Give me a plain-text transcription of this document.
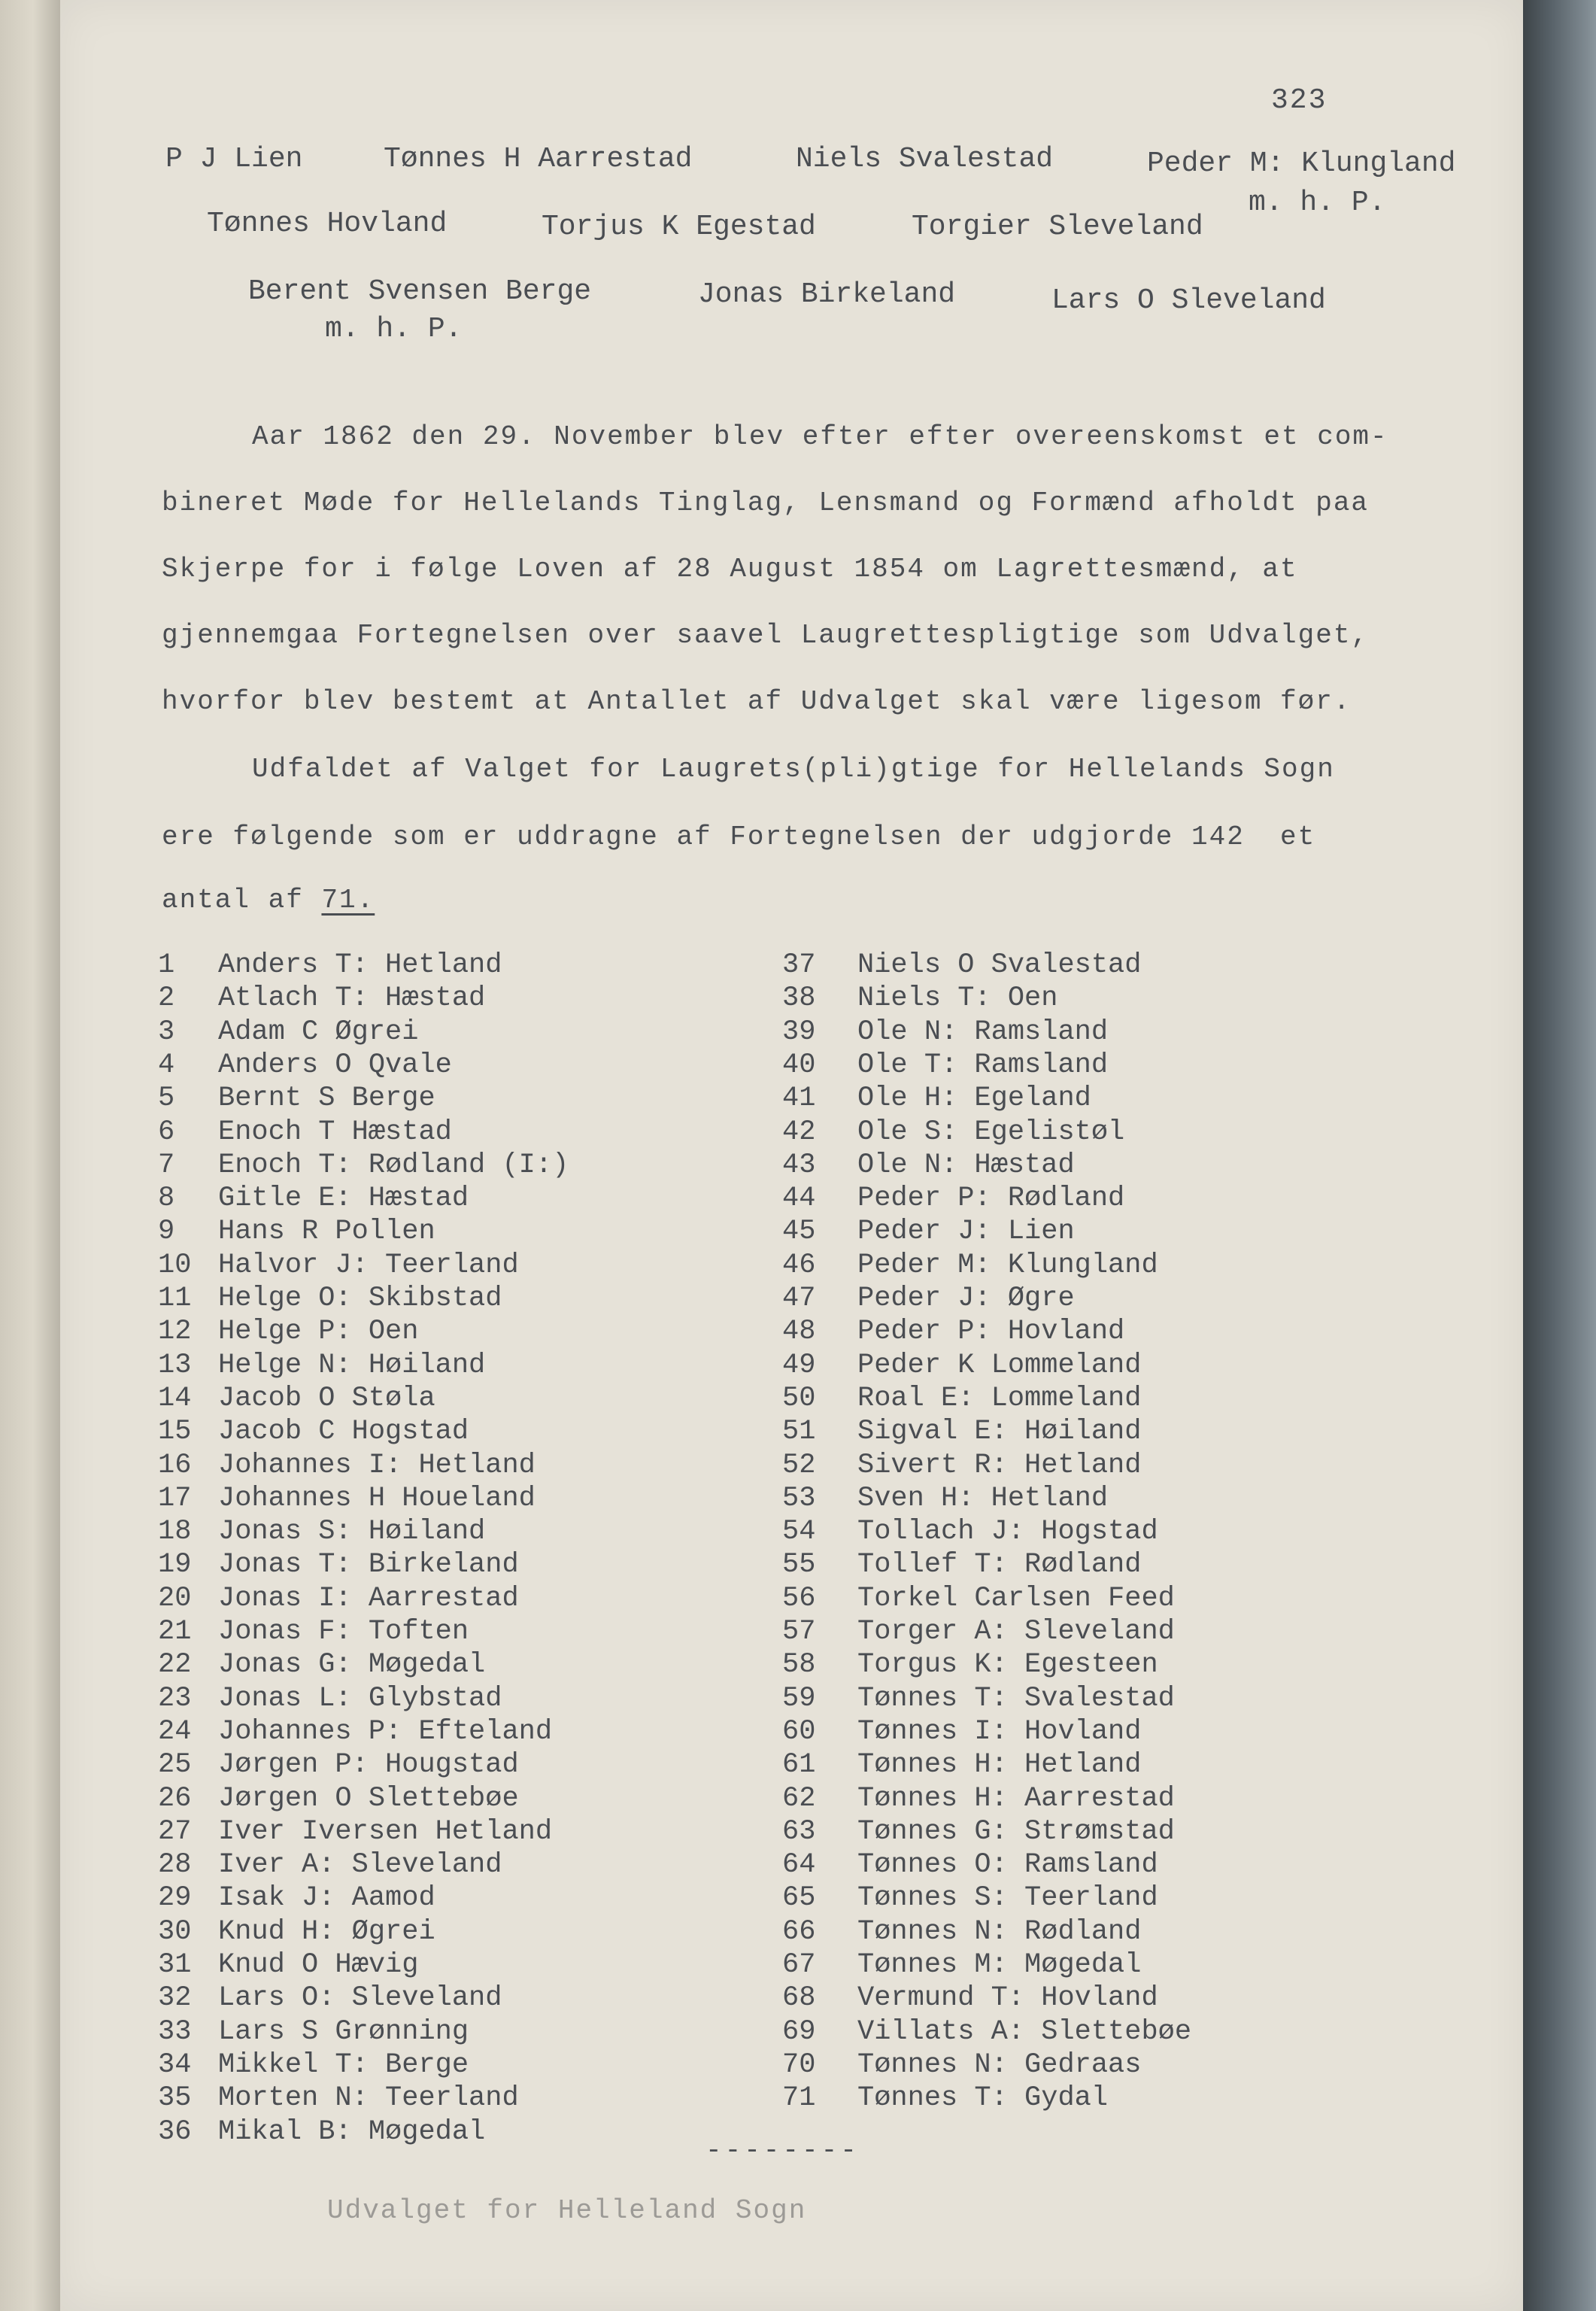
323

P J Lien

	Tønnes H Aarrestad

	Niels Svalestad

	Peder M: Klungland

m. h. P.

Tønnes Hovland

	Torjus K Egestad

	Torgier Sleveland

Berent Svensen Berge

	Jonas Birkeland

	Lars O Sleveland

m. h. P.

Aar 1862 den 29. November blev efter efter overeenskomst et com-

bineret Møde for Hellelands Tinglag, Lensmand og Formænd afholdt paa

Skjerpe for i følge Loven af 28 August 1854 om Lagrettesmænd, at

gjennemgaa Fortegnelsen over saavel Laugrettespligtige som Udvalget,

hvorfor blev bestemt at Antallet af Udvalget skal være ligesom før.

Udfaldet af Valget for Laugrets(pli)gtige for Hellelands Sogn

ere følgende som er uddragne af Fortegnelsen der udgjorde 142  et

antal af 71.

1	Anders T: Hetland
2	Atlach T: Hæstad
3	Adam C Øgrei
4	Anders O Qvale
5	Bernt S Berge
6	Enoch T Hæstad
7	Enoch T: Rødland (I:)
8	Gitle E: Hæstad
9	Hans R Pollen
10 Halvor J: Teerland
11 Helge O: Skibstad
12 Helge P: Oen
13 Helge N: Høiland
14 Jacob O Støla
15 Jacob C Hogstad
16 Johannes I: Hetland
17 Johannes H Houeland
18 Jonas S: Høiland
19 Jonas T: Birkeland
20 Jonas I: Aarrestad
21 Jonas F: Toften
22 Jonas G: Møgedal
23 Jonas L: Glybstad
24 Johannes P: Efteland
25 Jørgen P: Hougstad
26 Jørgen O Slettebøe
27 Iver Iversen Hetland
28 Iver A: Sleveland
29 Isak J: Aamod
30 Knud H: Øgrei
31 Knud O Hævig
32 Lars O: Sleveland
33 Lars S Grønning
34 Mikkel T: Berge
35 Morten N: Teerland
36 Mikal B: Møgedal
37	Niels O Svalestad
38	Niels T: Oen
39	Ole N: Ramsland
40	Ole T: Ramsland
41	Ole H: Egeland
42	Ole S: Egelistøl
43	Ole N: Hæstad
44	Peder P: Rødland
45	Peder J: Lien
46	Peder M: Klungland
47	Peder J: Øgre
48	Peder P: Hovland
49	Peder K Lommeland
50	Roal E: Lommeland
51	Sigval E: Høiland
52	Sivert R: Hetland
53	Sven H: Hetland
54	Tollach J: Hogstad
55	Tollef T: Rødland
56	Torkel Carlsen Feed
57	Torger A: Sleveland
58	Torgus K: Egesteen
59	Tønnes T: Svalestad
60	Tønnes I: Hovland
61	Tønnes H: Hetland
62	Tønnes H: Aarrestad
63	Tønnes G: Strømstad
64	Tønnes O: Ramsland
65	Tønnes S: Teerland
66	Tønnes N: Rødland
67	Tønnes M: Møgedal
68	Vermund T: Hovland
69	Villats A: Slettebøe
70	Tønnes N: Gedraas
71	Tønnes T: Gydal
--------
Udvalget for Helleland Sogn
